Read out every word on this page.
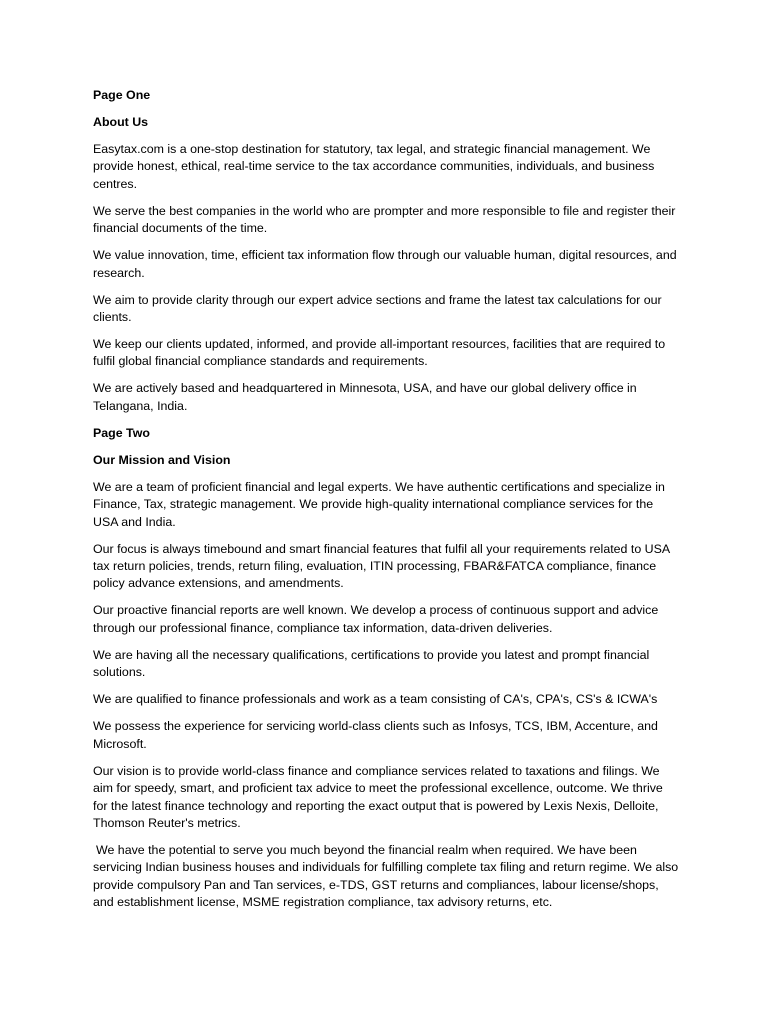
Page One

About Us

Easytax.com is a one-stop destination for statutory, tax legal, and strategic financial management. We provide honest, ethical, real-time service to the tax accordance communities, individuals, and business centres.

We serve the best companies in the world who are prompter and more responsible to file and register their financial documents of the time.

We value innovation, time, efficient tax information flow through our valuable human, digital resources, and research.

We aim to provide clarity through our expert advice sections and frame the latest tax calculations for our clients.

We keep our clients updated, informed, and provide all-important resources, facilities that are required to fulfil global financial compliance standards and requirements.

We are actively based and headquartered in Minnesota, USA, and have our global delivery office in Telangana, India.

Page Two

Our Mission and Vision

We are a team of proficient financial and legal experts. We have authentic certifications and specialize in Finance, Tax, strategic management. We provide high-quality international compliance services for the USA and India.

Our focus is always timebound and smart financial features that fulfil all your requirements related to USA tax return policies, trends, return filing, evaluation, ITIN processing, FBAR&FATCA compliance, finance policy advance extensions, and amendments.

Our proactive financial reports are well known. We develop a process of continuous support and advice through our professional finance, compliance tax information, data-driven deliveries.

We are having all the necessary qualifications, certifications to provide you latest and prompt financial solutions.

We are qualified to finance professionals and work as a team consisting of CA's, CPA's, CS's & ICWA's

We possess the experience for servicing world-class clients such as Infosys, TCS, IBM, Accenture, and Microsoft.

Our vision is to provide world-class finance and compliance services related to taxations and filings. We aim for speedy, smart, and proficient tax advice to meet the professional excellence, outcome. We thrive for the latest finance technology and reporting the exact output that is powered by Lexis Nexis, Delloite, Thomson Reuter's metrics.

We have the potential to serve you much beyond the financial realm when required. We have been servicing Indian business houses and individuals for fulfilling complete tax filing and return regime. We also provide compulsory Pan and Tan services, e-TDS, GST returns and compliances, labour license/shops, and establishment license, MSME registration compliance, tax advisory returns, etc.
